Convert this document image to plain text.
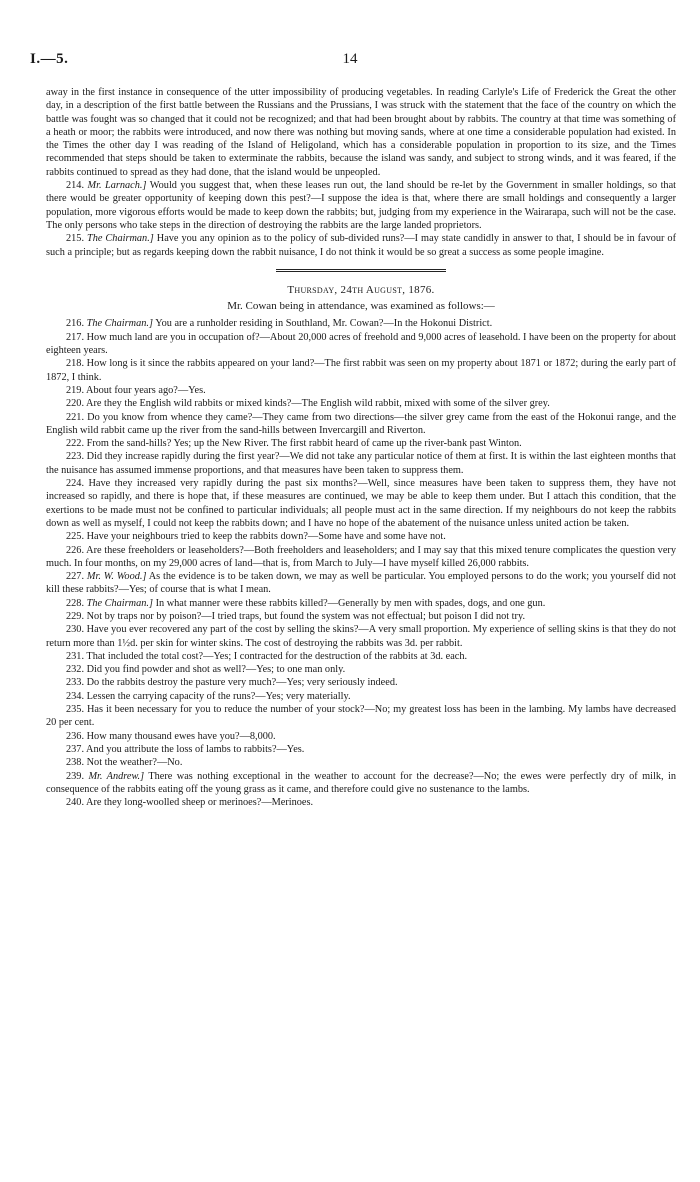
I.—5.	14

away in the first instance in consequence of the utter impossibility of producing vegetables. In reading Carlyle's Life of Frederick the Great the other day, in a description of the first battle between the Russians and the Prussians, I was struck with the statement that the face of the country on which the battle was fought was so changed that it could not be recognized; and that had been brought about by rabbits. The country at that time was something of a heath or moor; the rabbits were introduced, and now there was nothing but moving sands, where at one time a considerable population had existed. In the Times the other day I was reading of the Island of Heligoland, which has a considerable population in proportion to its size, and the Times recommended that steps should be taken to exterminate the rabbits, because the island was sandy, and subject to strong winds, and it was feared, if the rabbits continued to spread as they had done, that the island would be unpeopled.

214. Mr. Larnach.] Would you suggest that, when these leases run out, the land should be re-let by the Government in smaller holdings, so that there would be greater opportunity of keeping down this pest?—I suppose the idea is that, where there are small holdings and consequently a larger population, more vigorous efforts would be made to keep down the rabbits; but, judging from my experience in the Wairarapa, such will not be the case. The only persons who take steps in the direction of destroying the rabbits are the large landed proprietors.

215. The Chairman.] Have you any opinion as to the policy of sub-divided runs?—I may state candidly in answer to that, I should be in favour of such a principle; but as regards keeping down the rabbit nuisance, I do not think it would be so great a success as some people imagine.

Thursday, 24th August, 1876.
Mr. Cowan being in attendance, was examined as follows:—

216. The Chairman.] You are a runholder residing in Southland, Mr. Cowan?—In the Hokonui District.

217. How much land are you in occupation of?—About 20,000 acres of freehold and 9,000 acres of leasehold. I have been on the property for about eighteen years.

218. How long is it since the rabbits appeared on your land?—The first rabbit was seen on my property about 1871 or 1872; during the early part of 1872, I think.

219. About four years ago?—Yes.

220. Are they the English wild rabbits or mixed kinds?—The English wild rabbit, mixed with some of the silver grey.

221. Do you know from whence they came?—They came from two directions—the silver grey came from the east of the Hokonui range, and the English wild rabbit came up the river from the sand-hills between Invercargill and Riverton.

222. From the sand-hills? Yes; up the New River. The first rabbit heard of came up the river-bank past Winton.

223. Did they increase rapidly during the first year?—We did not take any particular notice of them at first. It is within the last eighteen months that the nuisance has assumed immense proportions, and that measures have been taken to suppress them.

224. Have they increased very rapidly during the past six months?—Well, since measures have been taken to suppress them, they have not increased so rapidly, and there is hope that, if these measures are continued, we may be able to keep them under. But I attach this condition, that the exertions to be made must not be confined to particular individuals; all people must act in the same direction. If my neighbours do not keep the rabbits down as well as myself, I could not keep the rabbits down; and I have no hope of the abatement of the nuisance unless united action be taken.

225. Have your neighbours tried to keep the rabbits down?—Some have and some have not.

226. Are these freeholders or leaseholders?—Both freeholders and leaseholders; and I may say that this mixed tenure complicates the question very much. In four months, on my 29,000 acres of land—that is, from March to July—I have myself killed 26,000 rabbits.

227. Mr. W. Wood.] As the evidence is to be taken down, we may as well be particular. You employed persons to do the work; you yourself did not kill these rabbits?—Yes; of course that is what I mean.

228. The Chairman.] In what manner were these rabbits killed?—Generally by men with spades, dogs, and one gun.

229. Not by traps nor by poison?—I tried traps, but found the system was not effectual; but poison I did not try.

230. Have you ever recovered any part of the cost by selling the skins?—A very small proportion. My experience of selling skins is that they do not return more than 1½d. per skin for winter skins. The cost of destroying the rabbits was 3d. per rabbit.

231. That included the total cost?—Yes; I contracted for the destruction of the rabbits at 3d. each.

232. Did you find powder and shot as well?—Yes; to one man only.

233. Do the rabbits destroy the pasture very much?—Yes; very seriously indeed.

234. Lessen the carrying capacity of the runs?—Yes; very materially.

235. Has it been necessary for you to reduce the number of your stock?—No; my greatest loss has been in the lambing. My lambs have decreased 20 per cent.

236. How many thousand ewes have you?—8,000.

237. And you attribute the loss of lambs to rabbits?—Yes.

238. Not the weather?—No.

239. Mr. Andrew.] There was nothing exceptional in the weather to account for the decrease?—No; the ewes were perfectly dry of milk, in consequence of the rabbits eating off the young grass as it came, and therefore could give no sustenance to the lambs.

240. Are they long-woolled sheep or merinoes?—Merinoes.
